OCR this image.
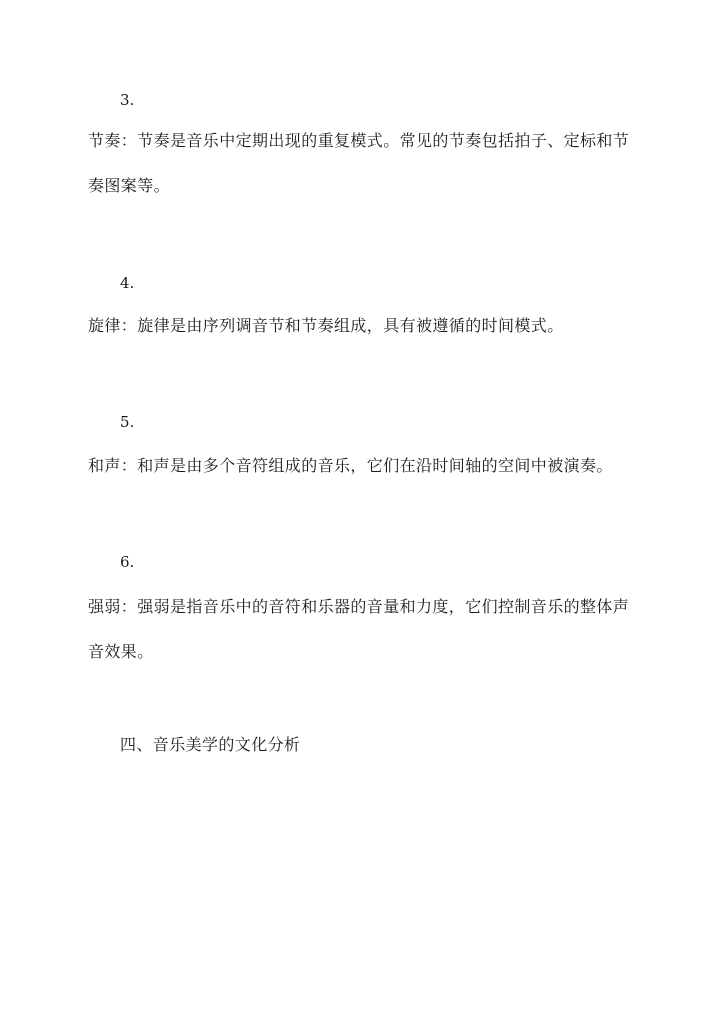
3.

节奏：节奏是音乐中定期出现的重复模式。常见的节奏包括拍子、定标和节奏图案等。

4.

旋律：旋律是由序列调音节和节奏组成，具有被遵循的时间模式。

5.

和声：和声是由多个音符组成的音乐，它们在沿时间轴的空间中被演奏。

6.

强弱：强弱是指音乐中的音符和乐器的音量和力度，它们控制音乐的整体声音效果。

四、音乐美学的文化分析
